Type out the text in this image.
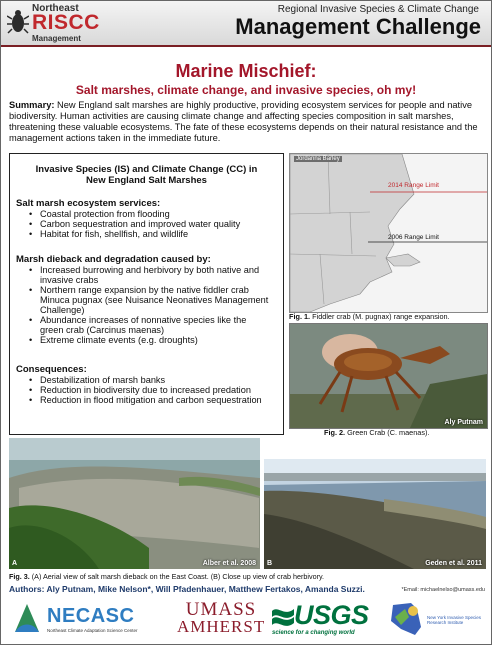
Northeast
RISCC
Management
Regional Invasive Species & Climate Change
Management Challenge
Marine Mischief:
Salt marshes, climate change, and invasive species, oh my!
Summary: New England salt marshes are highly productive, providing ecosystem services for people and native biodiversity. Human activities are causing climate change and affecting species composition in salt marshes, threatening these valuable ecosystems. The fate of these ecosystems depends on their natural resistance and the management actions taken in the immediate future.
Invasive Species (IS) and Climate Change (CC) in
New England Salt Marshes
Salt marsh ecosystem services:
• Coastal protection from flooding
• Carbon sequestration and improved water quality
• Habitat for fish, shellfish, and wildlife
Marsh dieback and degradation caused by:
• Increased burrowing and herbivory by both native and invasive crabs
• Northern range expansion by the native fiddler crab Minuca pugnax (see Nuisance Neonatives Management Challenge)
• Abundance increases of nonnative species like the green crab (Carcinus maenas)
• Extreme climate events (e.g. droughts)
Consequences:
• Destabilization of marsh banks
• Reduction in biodiversity due to increased predation
• Reduction in flood mitigation and carbon sequestration
Jordanna Barley
2014 Range Limit
2006 Range Limit
Fig. 1. Fiddler crab (M. pugnax) range expansion.
Aly Putnam
Fig. 2. Green Crab (C. maenas).
A	Alber et al. 2008 B	Geden et al. 2011
Fig. 3. (A) Aerial view of salt marsh dieback on the East Coast. (B) Close up view of crab herbivory.
Authors: Aly Putnam, Mike Nelson*, Will Pfadenhauer, Matthew Fertakos, Amanda Suzzi.	*Email: michaelnelso@umass.edu
NECASC
Northeast Climate Adaptation Science Center
UMASS
AMHERST USGS
science for a changing world
New York Invasive Species Research Institute
